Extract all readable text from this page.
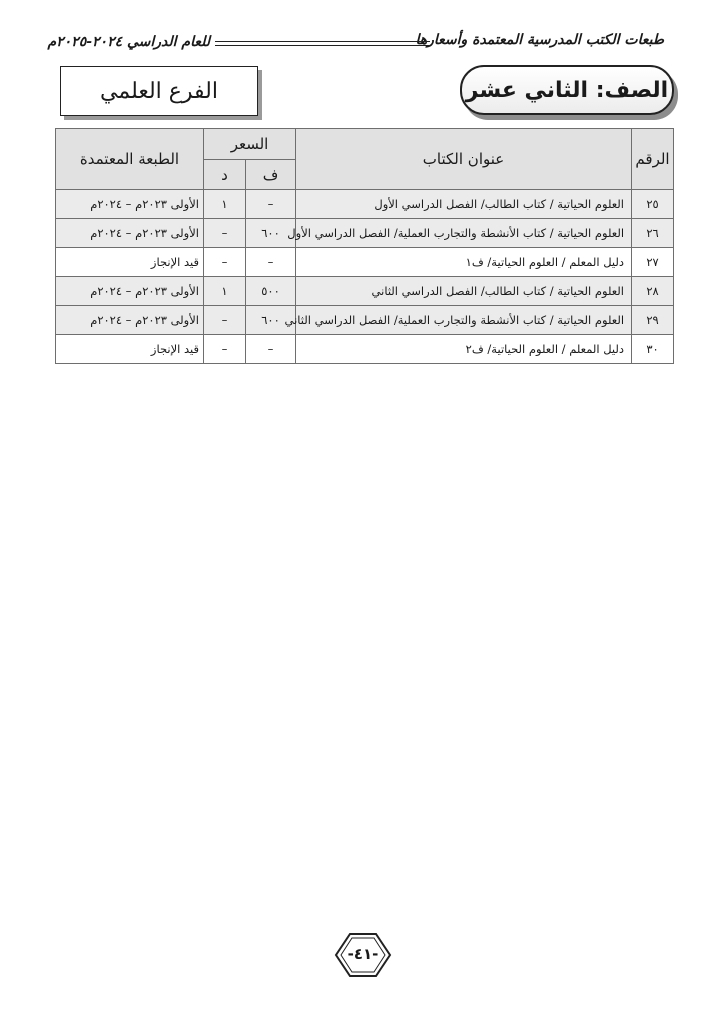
طبعات الكتب المدرسية المعتمدة وأسعارها
للعام الدراسي ٢٠٢٤-٢٠٢٥م
الصف: الثاني عشر
الفرع العلمي
الرقم	عنوان الكتاب	السعر		الطبعة المعتمدة
		ف	د	
٢٥	العلوم الحياتية / كتاب الطالب/ الفصل الدراسي الأول	–	١	الأولى ٢٠٢٣م – ٢٠٢٤م
٢٦	العلوم الحياتية / كتاب الأنشطة والتجارب العملية/ الفصل الدراسي الأول	٦٠٠	–	الأولى ٢٠٢٣م – ٢٠٢٤م
٢٧	دليل المعلم / العلوم الحياتية/ ف١	–	–	قيد الإنجاز
٢٨	العلوم الحياتية / كتاب الطالب/ الفصل الدراسي الثاني	٥٠٠	١	الأولى ٢٠٢٣م – ٢٠٢٤م
٢٩	العلوم الحياتية / كتاب الأنشطة والتجارب العملية/ الفصل الدراسي الثاني	٦٠٠	–	الأولى ٢٠٢٣م – ٢٠٢٤م
٣٠	دليل المعلم / العلوم الحياتية/ ف٢	–	–	قيد الإنجاز
-٤١-
